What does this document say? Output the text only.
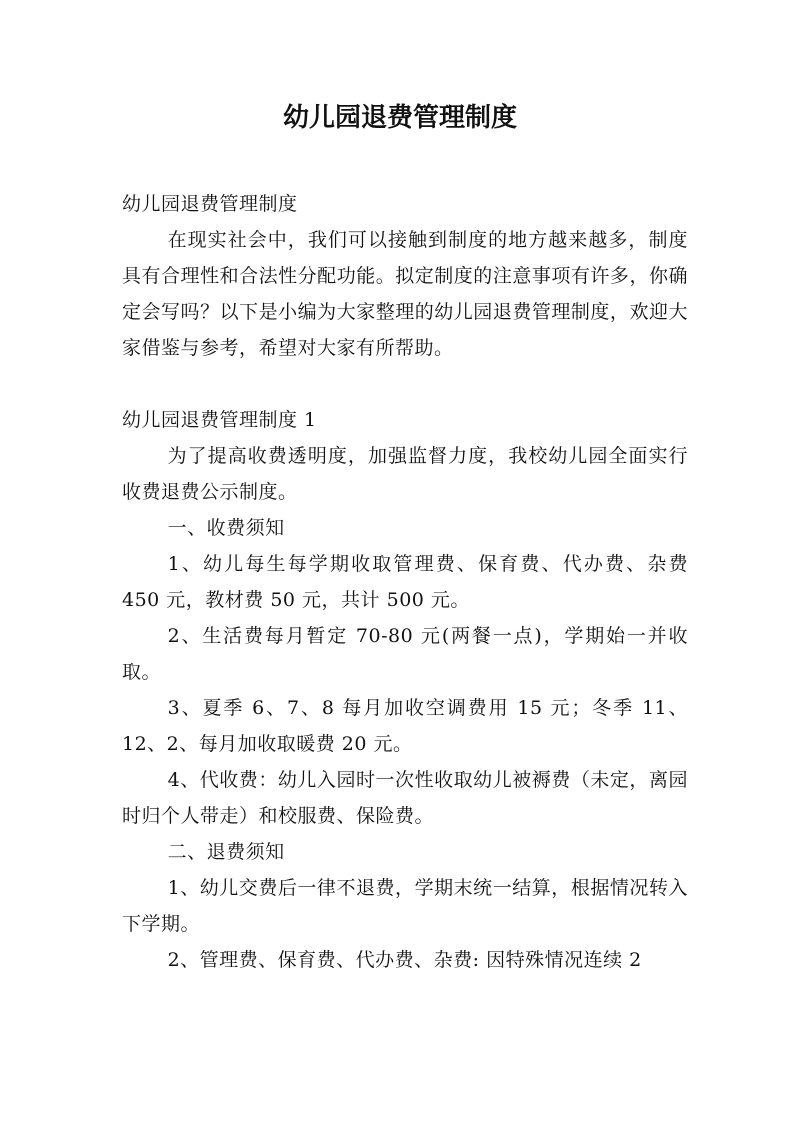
幼儿园退费管理制度

幼儿园退费管理制度

在现实社会中，我们可以接触到制度的地方越来越多，制度具有合理性和合法性分配功能。拟定制度的注意事项有许多，你确定会写吗？以下是小编为大家整理的幼儿园退费管理制度，欢迎大家借鉴与参考，希望对大家有所帮助。

幼儿园退费管理制度 1

为了提高收费透明度，加强监督力度，我校幼儿园全面实行收费退费公示制度。

一、收费须知

1、幼儿每生每学期收取管理费、保育费、代办费、杂费 450 元，教材费 50 元，共计 500 元。

2、生活费每月暂定 70-80 元(两餐一点)，学期始一并收取。

3、夏季 6、7、8 每月加收空调费用 15 元；冬季 11、12、2、每月加收取暖费 20 元。

4、代收费：幼儿入园时一次性收取幼儿被褥费（未定，离园时归个人带走）和校服费、保险费。

二、退费须知

1、幼儿交费后一律不退费，学期末统一结算，根据情况转入下学期。

2、管理费、保育费、代办费、杂费: 因特殊情况连续 2
